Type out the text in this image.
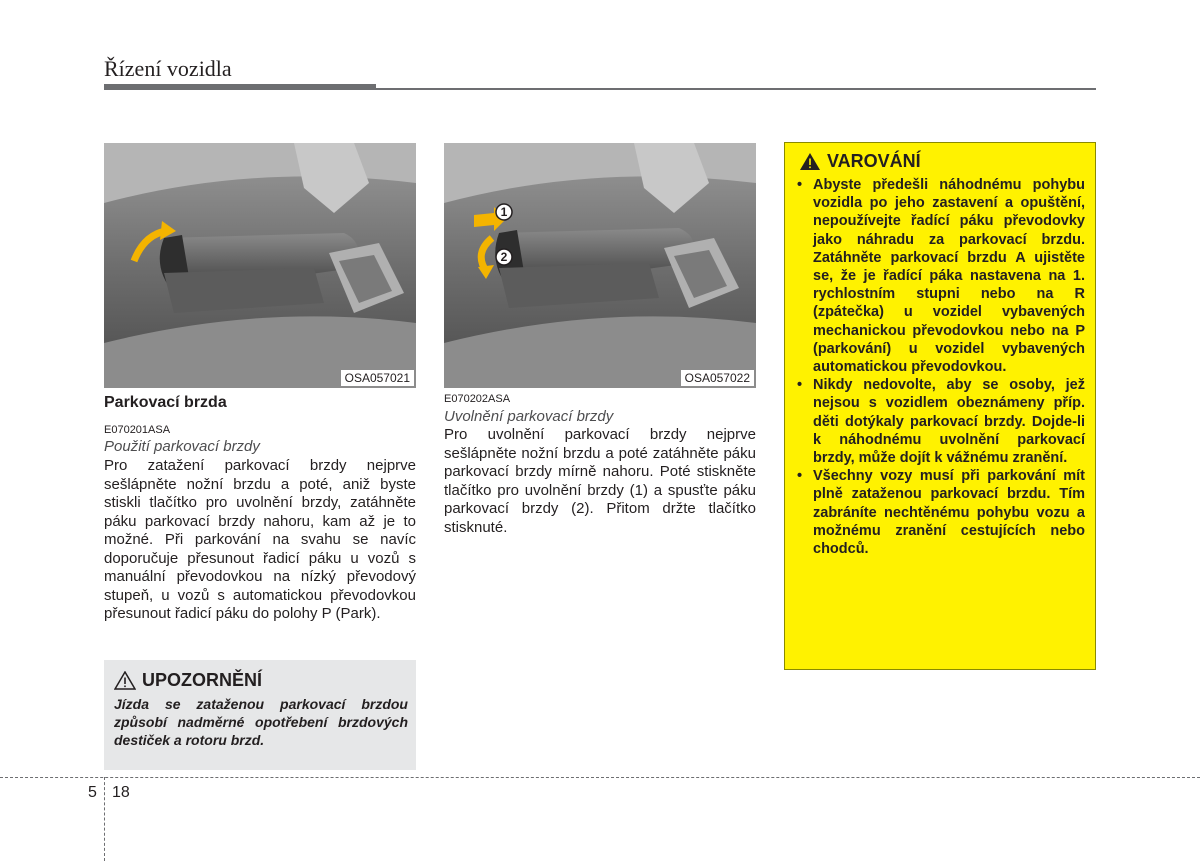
Řízení vozidla
OSA057021
1
2
OSA057022

Parkovací brzda

E070201ASA

Použití parkovací brzdy

Pro zatažení parkovací brzdy nejprve sešlápněte nožní brzdu a poté, aniž byste stiskli tlačítko pro uvolnění brzdy, zatáhněte páku parkovací brzdy nahoru, kam až je to možné. Při parkování na svahu se navíc doporučuje přesunout řadicí páku u vozů s manuální převodovkou na nízký převodový stupeň, u vozů s automatickou převodovkou přesunout řadicí páku do polohy P (Park).

UPOZORNĚNÍ

Jízda se zataženou parkovací brzdou způsobí nadměrné opotřebení brzdových destiček a rotoru brzd.

E070202ASA

Uvolnění parkovací brzdy

Pro uvolnění parkovací brzdy nejprve sešlápněte nožní brzdu a poté zatáhněte páku parkovací brzdy mírně nahoru. Poté stiskněte tlačítko pro uvolnění brzdy (1) a spusťte páku parkovací brzdy (2). Přitom držte tlačítko stisknuté.

VAROVÁNÍ
• Abyste předešli náhodnému pohybu vozidla po jeho zastavení a opuštění, nepoužívejte řadící páku převodovky jako náhradu za parkovací brzdu. Zatáhněte parkovací brzdu A ujistěte se, že je řadící páka nastavena na 1. rychlostním stupni nebo na R (zpátečka) u vozidel vybavených mechanickou převodovkou nebo na P (parkování) u vozidel vybavených automatickou převodovkou.
• Nikdy nedovolte, aby se osoby, jež nejsou s vozidlem obeznámeny příp. děti dotýkaly parkovací brzdy. Dojde-li k náhodnému uvolnění parkovací brzdy, může dojít k vážnému zranění.
• Všechny vozy musí při parkování mít plně zataženou parkovací brzdu. Tím zabráníte nechtěnému pohybu vozu a možnému zranění cestujících nebo chodců.
5 18
